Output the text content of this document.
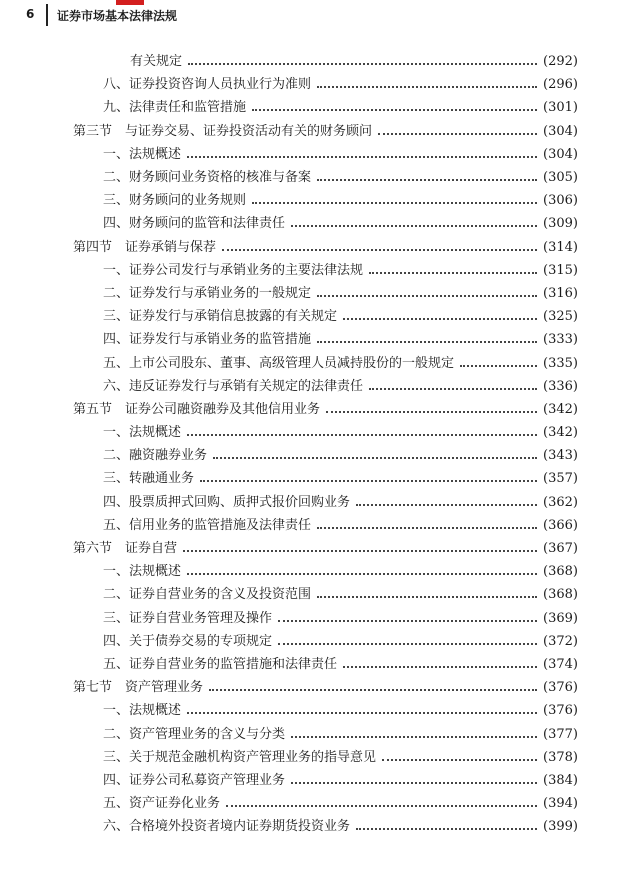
6 证券市场基本法律法规
有关规定	(292)
八、证券投资咨询人员执业行为准则	(296)
九、法律责任和监管措施	(301)
第三节　与证券交易、证券投资活动有关的财务顾问	(304)
一、法规概述	(304)
二、财务顾问业务资格的核准与备案	(305)
三、财务顾问的业务规则	(306)
四、财务顾问的监管和法律责任	(309)
第四节　证券承销与保荐	(314)
一、证券公司发行与承销业务的主要法律法规	(315)
二、证券发行与承销业务的一般规定	(316)
三、证券发行与承销信息披露的有关规定	(325)
四、证券发行与承销业务的监管措施	(333)
五、上市公司股东、董事、高级管理人员减持股份的一般规定	(335)
六、违反证券发行与承销有关规定的法律责任	(336)
第五节　证券公司融资融券及其他信用业务	(342)
一、法规概述	(342)
二、融资融券业务	(343)
三、转融通业务	(357)
四、股票质押式回购、质押式报价回购业务	(362)
五、信用业务的监管措施及法律责任	(366)
第六节　证券自营	(367)
一、法规概述	(368)
二、证券自营业务的含义及投资范围	(368)
三、证券自营业务管理及操作	(369)
四、关于债券交易的专项规定	(372)
五、证券自营业务的监管措施和法律责任	(374)
第七节　资产管理业务	(376)
一、法规概述	(376)
二、资产管理业务的含义与分类	(377)
三、关于规范金融机构资产管理业务的指导意见	(378)
四、证券公司私募资产管理业务	(384)
五、资产证券化业务	(394)
六、合格境外投资者境内证券期货投资业务	(399)
